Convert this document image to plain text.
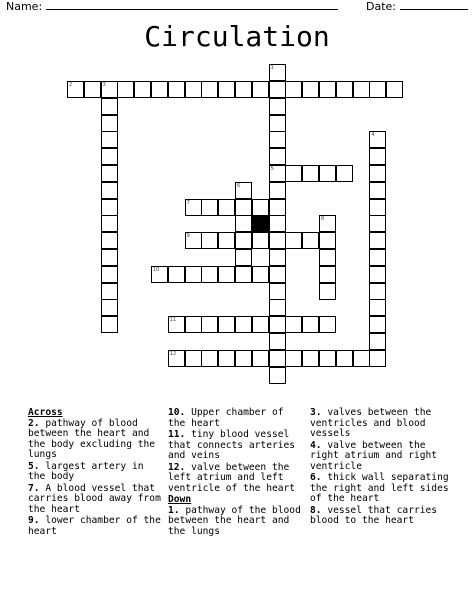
Name:	Date:
Circulation
2	3
1
5
4
6
7
8
9
10
11
12
Across
2. pathway of blood between the heart and the body excluding the lungs
5. largest artery in the body
7. A blood vessel that carries blood away from the heart
9. lower chamber of the heart
10. Upper chamber of the heart
11. tiny blood vessel that connects arteries and veins
12. valve between the left atrium and left ventricle of the heart
Down
1. pathway of the blood between the heart and the lungs
3. valves between the ventricles and blood vessels
4. valve between the right atrium and right ventricle
6. thick wall separating the right and left sides of the heart
8. vessel that carries blood to the heart
